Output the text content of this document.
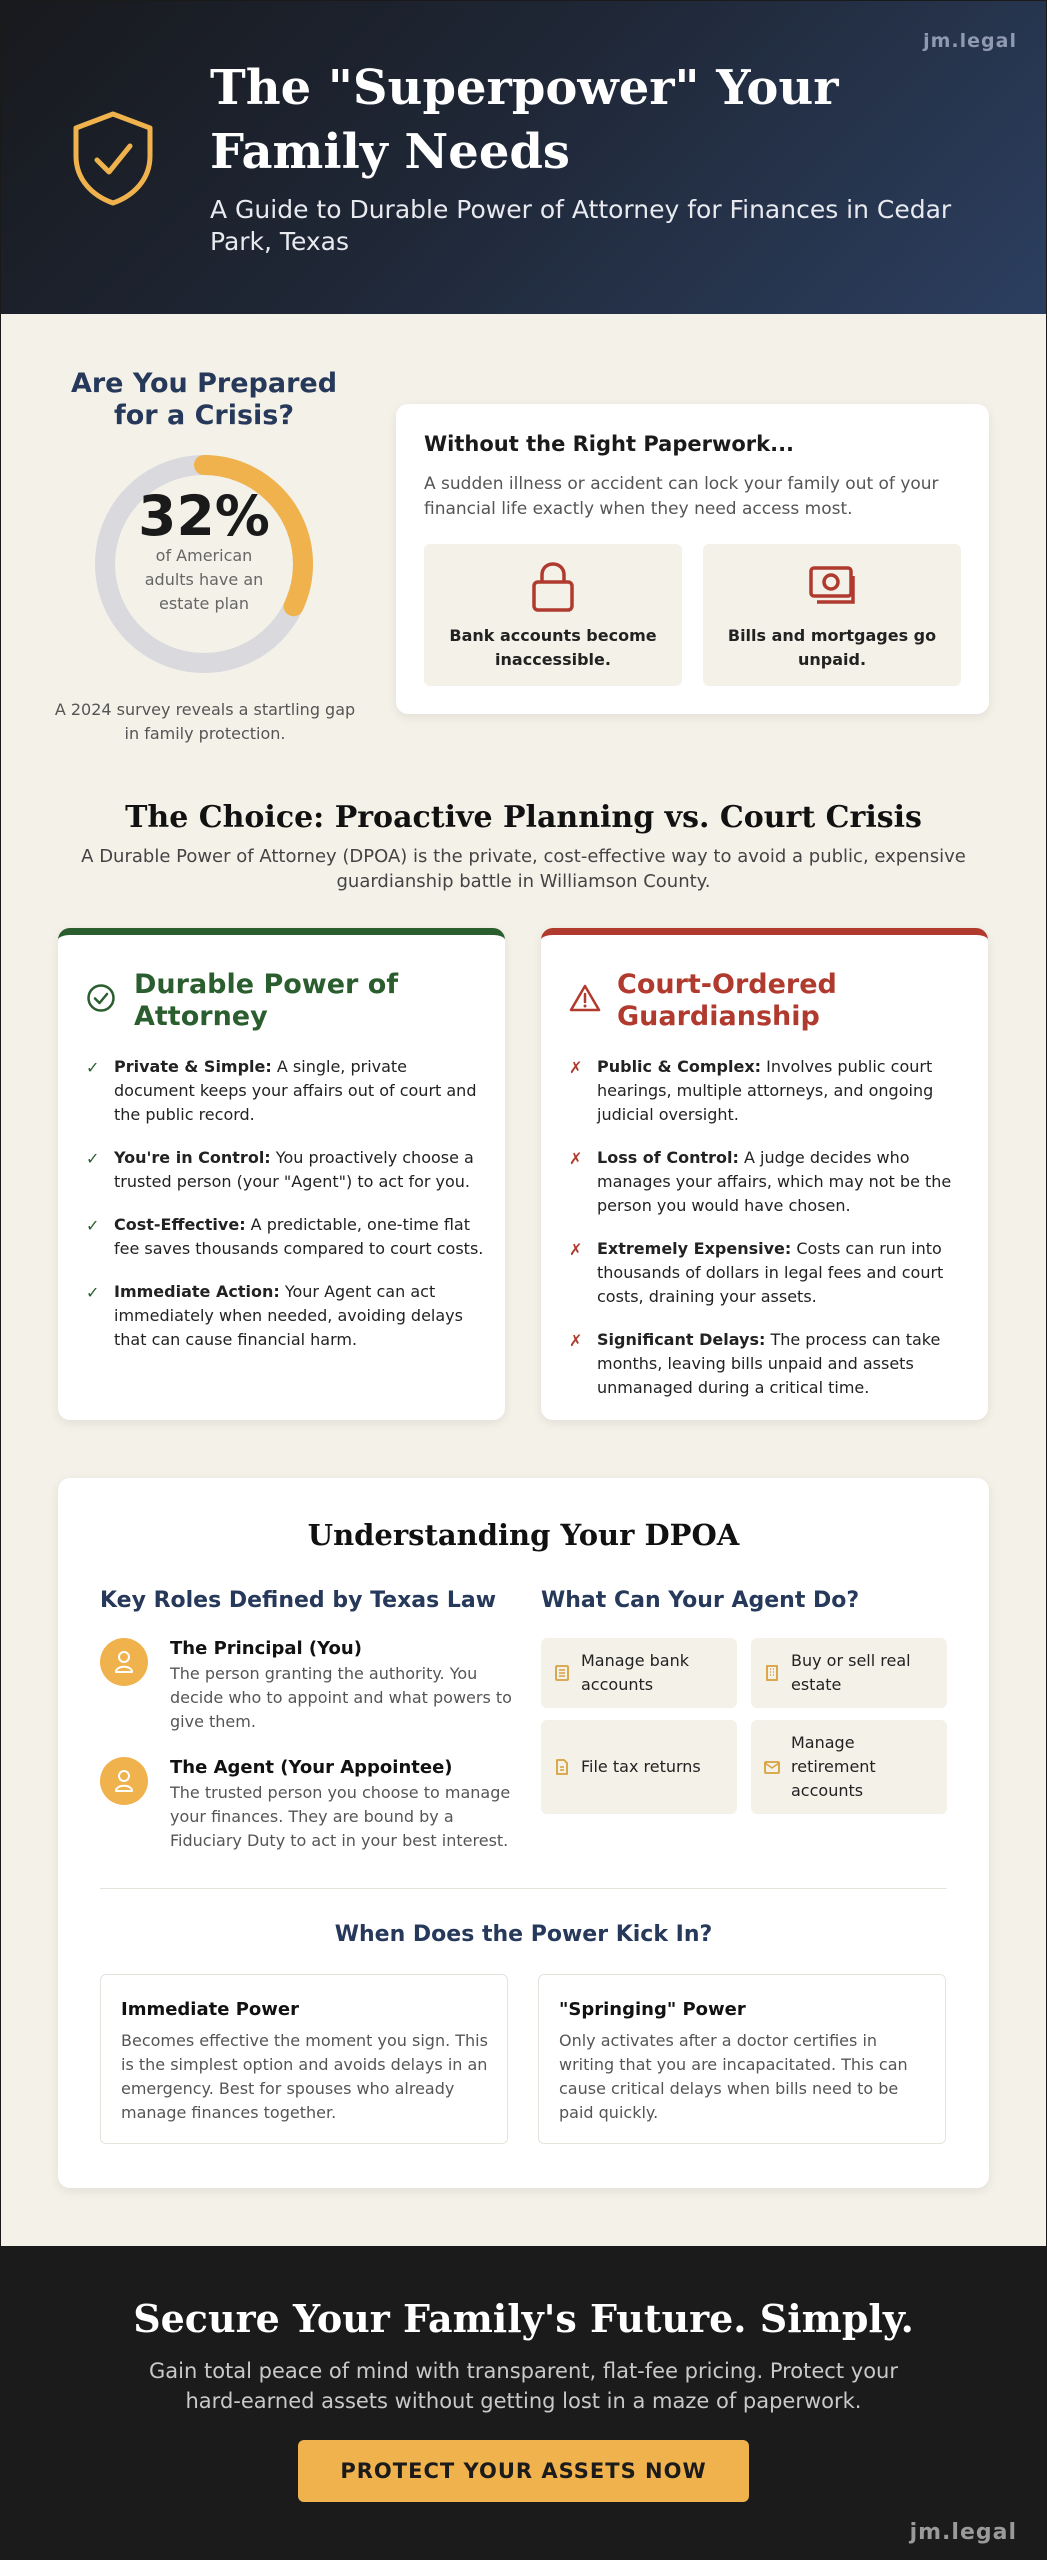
jm.legal
The "Superpower" Your Family Needs
A Guide to Durable Power of Attorney for Finances in Cedar Park, Texas
Are You Prepared for a Crisis?
32%
of American adults have an estate plan
A 2024 survey reveals a startling gap in family protection.
Without the Right Paperwork...
A sudden illness or accident can lock your family out of your financial life exactly when they need access most.
Bank accounts become inaccessible.
Bills and mortgages go unpaid.
The Choice: Proactive Planning vs. Court Crisis
A Durable Power of Attorney (DPOA) is the private, cost-effective way to avoid a public, expensive guardianship battle in Williamson County.
Durable Power of Attorney
✓ Private & Simple: A single, private document keeps your affairs out of court and the public record.
✓ You're in Control: You proactively choose a trusted person (your "Agent") to act for you.
✓ Cost-Effective: A predictable, one-time flat fee saves thousands compared to court costs.
✓ Immediate Action: Your Agent can act immediately when needed, avoiding delays that can cause financial harm.
Court-Ordered Guardianship
✗ Public & Complex: Involves public court hearings, multiple attorneys, and ongoing judicial oversight.
✗ Loss of Control: A judge decides who manages your affairs, which may not be the person you would have chosen.
✗ Extremely Expensive: Costs can run into thousands of dollars in legal fees and court costs, draining your assets.
✗ Significant Delays: The process can take months, leaving bills unpaid and assets unmanaged during a critical time.
Understanding Your DPOA
Key Roles Defined by Texas Law
The Principal (You)
The person granting the authority. You decide who to appoint and what powers to give them.
The Agent (Your Appointee)
The trusted person you choose to manage your finances. They are bound by a Fiduciary Duty to act in your best interest.
What Can Your Agent Do?
Manage bank accounts
Buy or sell real estate
File tax returns
Manage retirement accounts
When Does the Power Kick In?
Immediate Power
Becomes effective the moment you sign. This is the simplest option and avoids delays in an emergency. Best for spouses who already manage finances together.
"Springing" Power
Only activates after a doctor certifies in writing that you are incapacitated. This can cause critical delays when bills need to be paid quickly.
Secure Your Family's Future. Simply.
Gain total peace of mind with transparent, flat-fee pricing. Protect your hard-earned assets without getting lost in a maze of paperwork.
PROTECT YOUR ASSETS NOW
jm.legal
